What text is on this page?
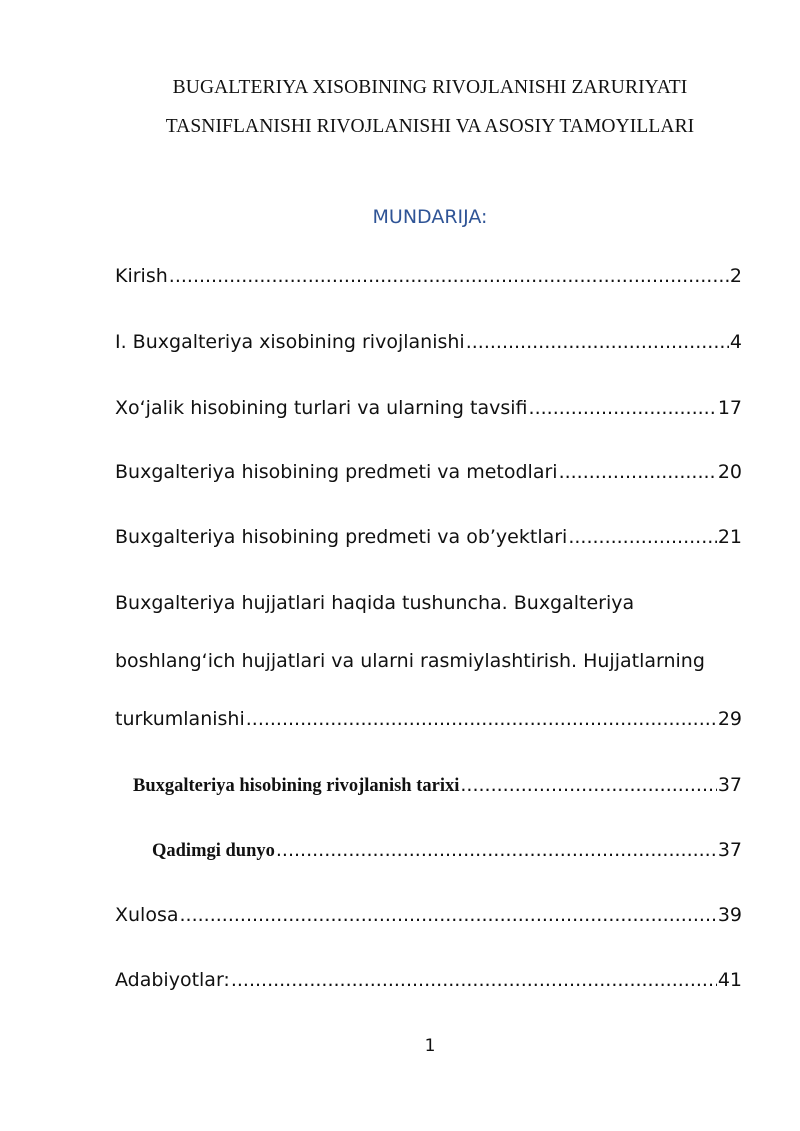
BUGALTERIYA XISOBINING RIVOJLANISHI ZARURIYATI
TASNIFLANISHI RIVOJLANISHI VA ASOSIY TAMOYILLARI
MUNDARIJA:
Kirish .....	2
I. Buxgalteriya xisobining rivojlanishi .....	4
Xo‘jalik hisobining turlari va ularning tavsifi .....	17
Buxgalteriya hisobining predmeti va metodlari .....	20
Buxgalteriya hisobining predmeti va ob’yektlari .....	21
Buxgalteriya hujjatlari haqida tushuncha. Buxgalteriya
boshlang‘ich hujjatlari va ularni rasmiylashtirish. Hujjatlarning
turkumlanishi .....	29
Buxgalteriya hisobining rivojlanish tarixi .....	37
Qadimgi dunyo .....	37
Xulosa .....	39
Adabiyotlar: .....	41
1
